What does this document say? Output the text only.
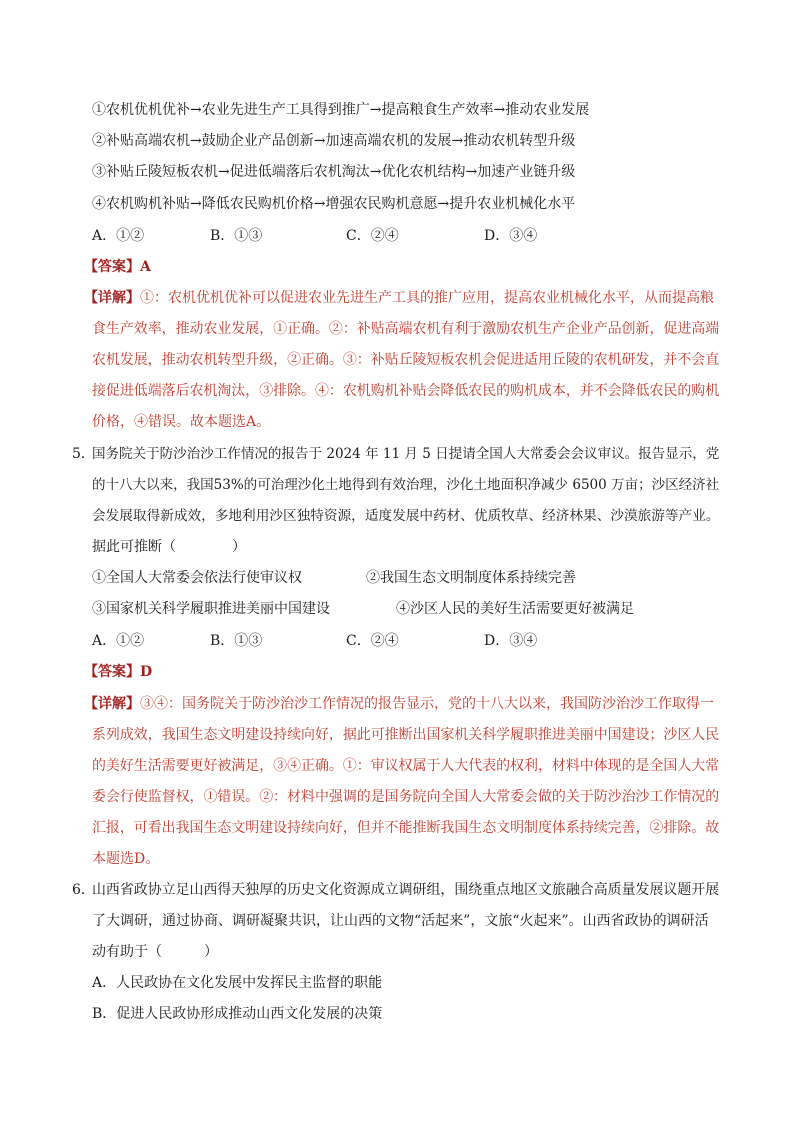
①农机优机优补→农业先进生产工具得到推广→提高粮食生产效率→推动农业发展
②补贴高端农机→鼓励企业产品创新→加速高端农机的发展→推动农机转型升级
③补贴丘陵短板农机→促进低端落后农机淘汰→优化农机结构→加速产业链升级
④农机购机补贴→降低农民购机价格→增强农民购机意愿→提升农业机械化水平
A．①②	B．①③	C．②④	D．③④
【答案】A
【详解】①：农机优机优补可以促进农业先进生产工具的推广应用，提高农业机械化水平，从而提高粮
食生产效率，推动农业发展，①正确。②：补贴高端农机有利于激励农机生产企业产品创新，促进高端
农机发展，推动农机转型升级，②正确。③：补贴丘陵短板农机会促进适用丘陵的农机研发，并不会直
接促进低端落后农机淘汰，③排除。④：农机购机补贴会降低农民的购机成本，并不会降低农民的购机
价格，④错误。故本题选A。
5．
国务院关于防沙治沙工作情况的报告于 2024 年 11 月 5 日提请全国人大常委会会议审议。报告显示，党
的十八大以来，我国53%的可治理沙化土地得到有效治理，沙化土地面积净减少 6500 万亩；沙区经济社
会发展取得新成效，多地利用沙区独特资源，适度发展中药材、优质牧草、经济林果、沙漠旅游等产业。
据此可推断（　　　　）
①全国人大常委会依法行使审议权	②我国生态文明制度体系持续完善
③国家机关科学履职推进美丽中国建设	④沙区人民的美好生活需要更好被满足
A．①②	B．①③	C．②④	D．③④
【答案】D
【详解】③④：国务院关于防沙治沙工作情况的报告显示，党的十八大以来，我国防沙治沙工作取得一
系列成效，我国生态文明建设持续向好，据此可推断出国家机关科学履职推进美丽中国建设；沙区人民
的美好生活需要更好被满足，③④正确。①：审议权属于人大代表的权利，材料中体现的是全国人大常
委会行使监督权，①错误。②：材料中强调的是国务院向全国人大常委会做的关于防沙治沙工作情况的
汇报，可看出我国生态文明建设持续向好，但并不能推断我国生态文明制度体系持续完善，②排除。故
本题选D。
6．
山西省政协立足山西得天独厚的历史文化资源成立调研组，围绕重点地区文旅融合高质量发展议题开展
了大调研，通过协商、调研凝聚共识，让山西的文物“活起来”，文旅“火起来”。山西省政协的调研活
动有助于（　　　）
A．人民政协在文化发展中发挥民主监督的职能
B．促进人民政协形成推动山西文化发展的决策
